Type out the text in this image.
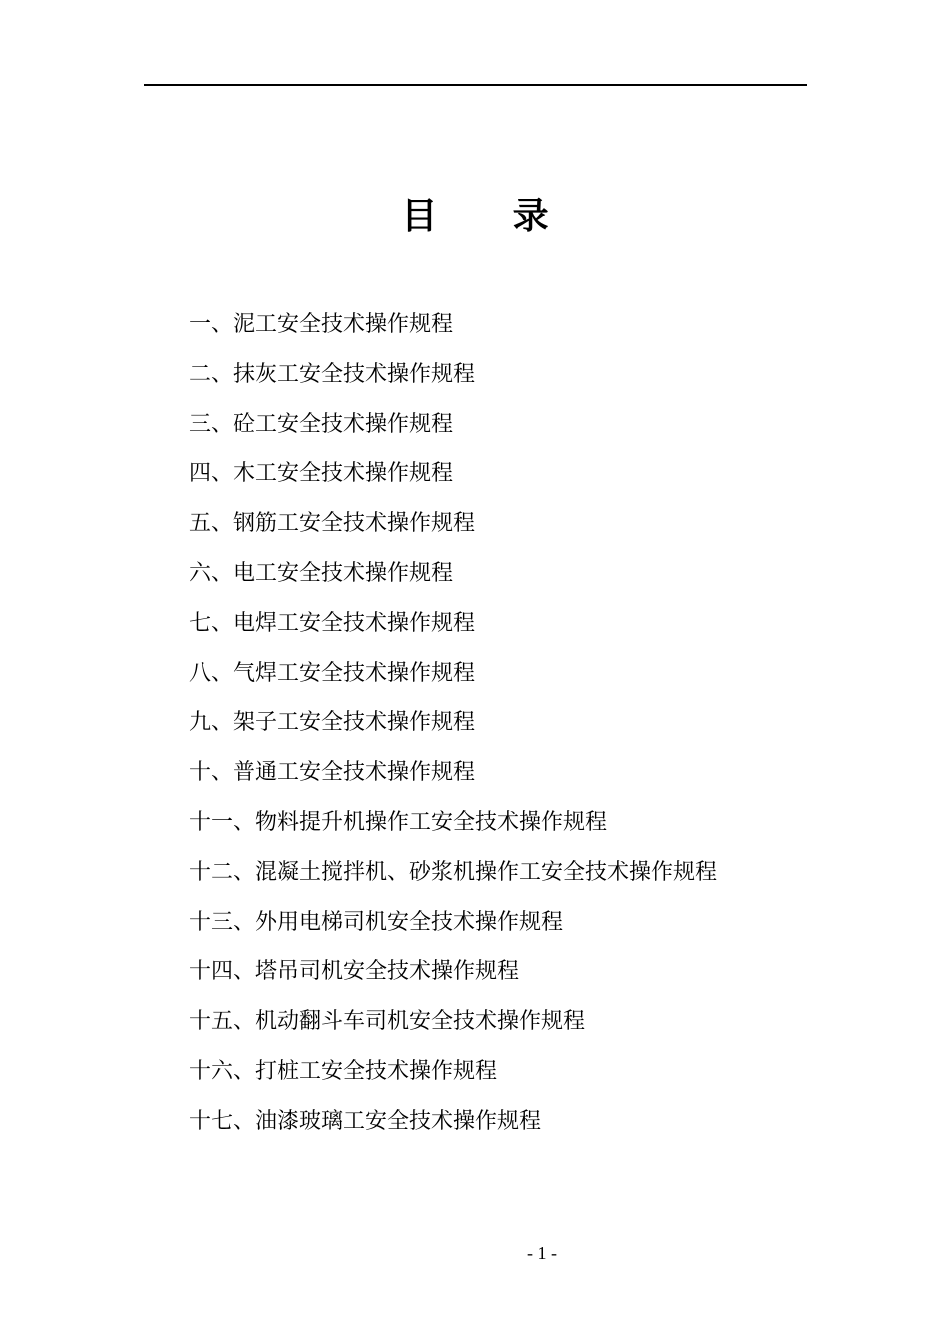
目      录
一、泥工安全技术操作规程
二、抹灰工安全技术操作规程
三、砼工安全技术操作规程
四、木工安全技术操作规程
五、钢筋工安全技术操作规程
六、电工安全技术操作规程
七、电焊工安全技术操作规程
八、气焊工安全技术操作规程
九、架子工安全技术操作规程
十、普通工安全技术操作规程
十一、物料提升机操作工安全技术操作规程
十二、混凝土搅拌机、砂浆机操作工安全技术操作规程
十三、外用电梯司机安全技术操作规程
十四、塔吊司机安全技术操作规程
十五、机动翻斗车司机安全技术操作规程
十六、打桩工安全技术操作规程
十七、油漆玻璃工安全技术操作规程
- 1 -
